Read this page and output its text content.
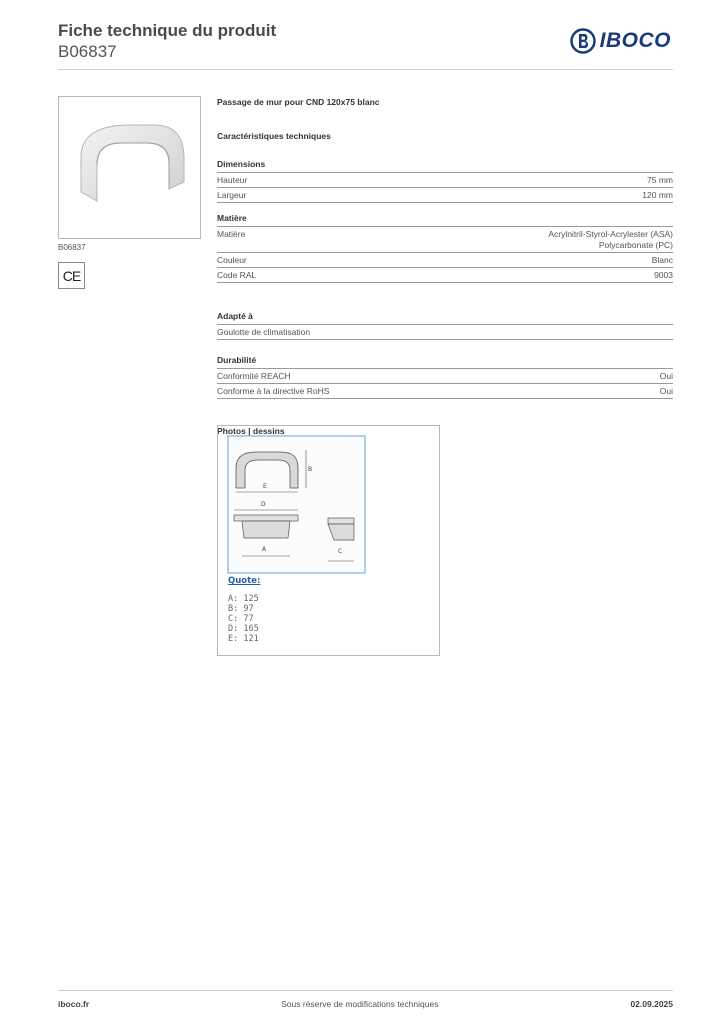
Fiche technique du produit
B06837	IBOCO
B06837
CE
Passage de mur pour CND 120x75 blanc
Caractéristiques techniques
Dimensions
Hauteur	75 mm
Largeur	120 mm
Matière
Matière	Acrylnitril-Styrol-Acrylester (ASA)
Polycarbonate (PC)
Couleur	Blanc
Code RAL	9003
Adapté à
Goulotte de climatisation
Durabilité
Conformité REACH	Oui
Conforme à la directive RoHS	Oui
Photos | dessins
B
E
D
A	C
Quote:
A: 125
B: 97
C: 77
D: 165
E: 121
iboco.fr	Sous réserve de modifications techniques	02.09.2025
